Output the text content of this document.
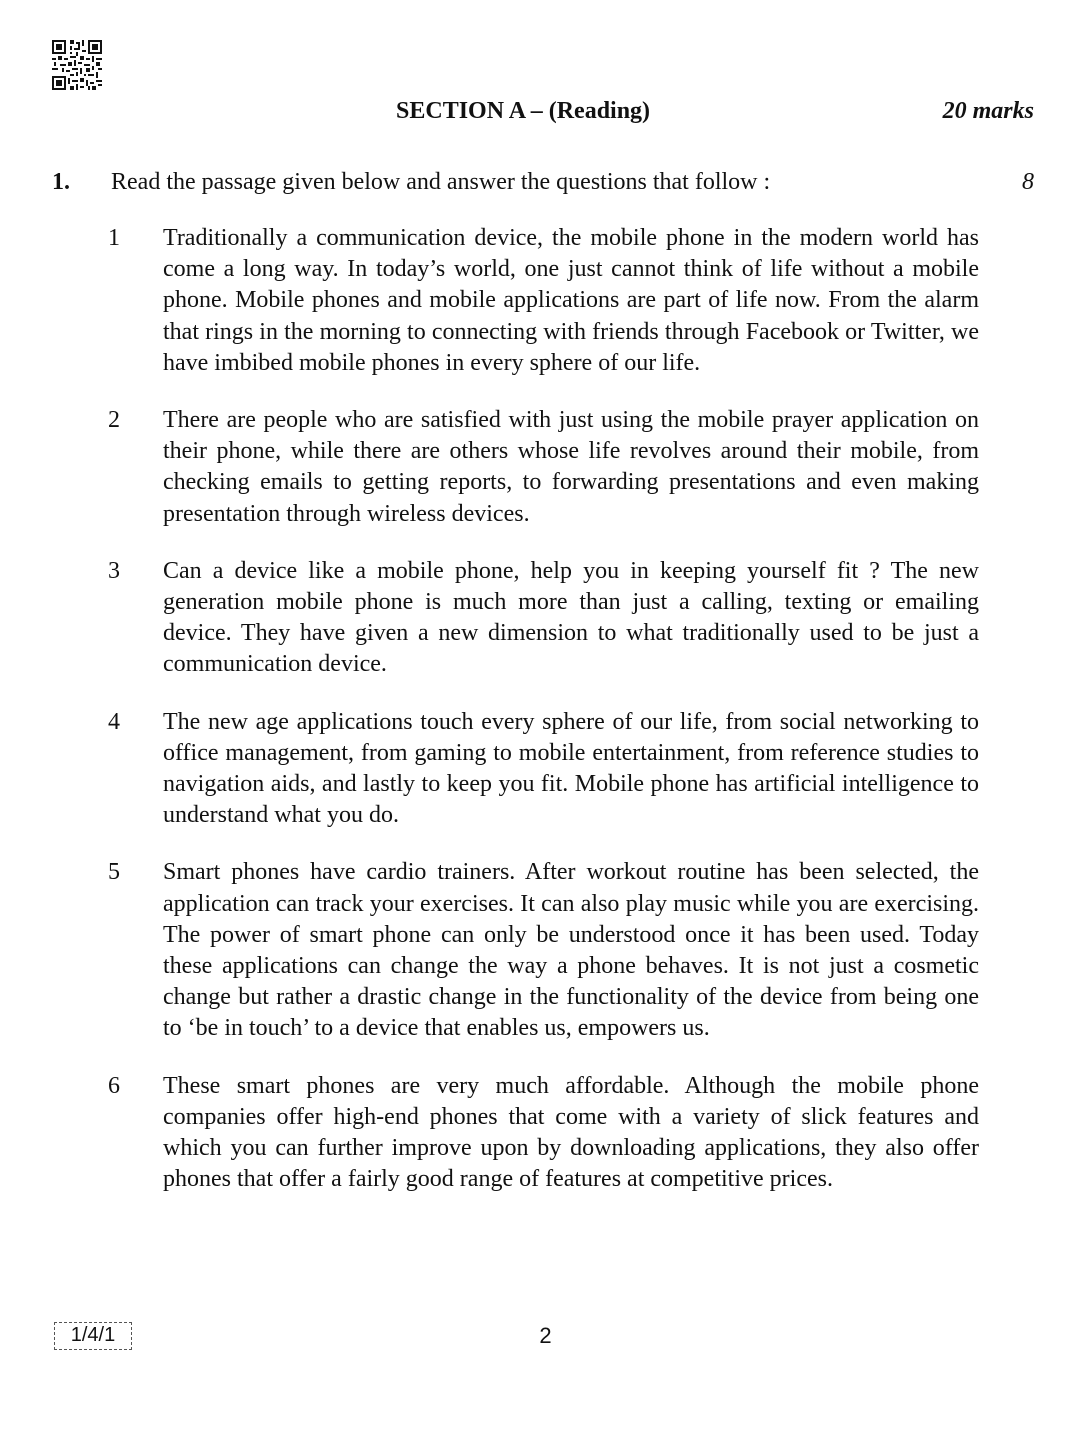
SECTION A – (Reading)	20 marks
1. Read the passage given below and answer the questions that follow :	8
1 Traditionally a communication device, the mobile phone in the modern world has come a long way. In today’s world, one just cannot think of life without a mobile phone. Mobile phones and mobile applications are part of life now. From the alarm that rings in the morning to connecting with friends through Facebook or Twitter, we have imbibed mobile phones in every sphere of our life.
2 There are people who are satisfied with just using the mobile prayer application on their phone, while there are others whose life revolves around their mobile, from checking emails to getting reports, to forwarding presentations and even making presentation through wireless devices.
3 Can a device like a mobile phone, help you in keeping yourself fit ? The new generation mobile phone is much more than just a calling, texting or emailing device. They have given a new dimension to what traditionally used to be just a communication device.
4 The new age applications touch every sphere of our life, from social networking to office management, from gaming to mobile entertainment, from reference studies to navigation aids, and lastly to keep you fit. Mobile phone has artificial intelligence to understand what you do.
5 Smart phones have cardio trainers. After workout routine has been selected, the application can track your exercises. It can also play music while you are exercising. The power of smart phone can only be understood once it has been used. Today these applications can change the way a phone behaves. It is not just a cosmetic change but rather a drastic change in the functionality of the device from being one to ‘be in touch’ to a device that enables us, empowers us.
6 These smart phones are very much affordable. Although the mobile phone companies offer high-end phones that come with a variety of slick features and which you can further improve upon by downloading applications, they also offer phones that offer a fairly good range of features at competitive prices.
1/4/1	2
